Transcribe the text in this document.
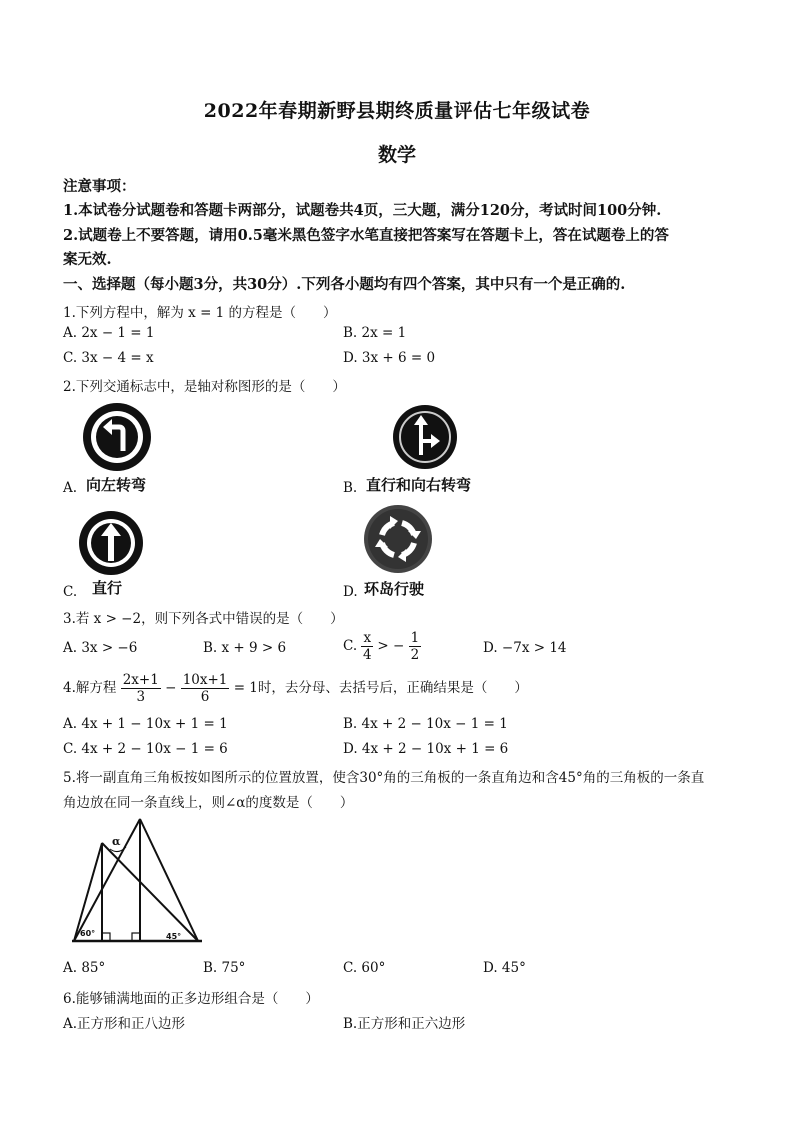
2022年春期新野县期终质量评估七年级试卷
数学
注意事项：
1.本试卷分试题卷和答题卡两部分，试题卷共4页，三大题，满分120分，考试时间100分钟.
2.试题卷上不要答题，请用0.5毫米黑色签字水笔直接把答案写在答题卡上，答在试题卷上的答
案无效.
一、选择题（每小题3分，共30分）.下列各小题均有四个答案，其中只有一个是正确的.
1.下列方程中，解为 x = 1 的方程是（　　）
A. 2x − 1 = 1	B. 2x = 1
C. 3x − 4 = x	D. 3x + 6 = 0
2.下列交通标志中，是轴对称图形的是（　　）
A. 向左转弯	B. 直行和向右转弯
C. 直行	D. 环岛行驶
3.若 x > −2，则下列各式中错误的是（　　）
A. 3x > −6	B. x + 9 > 6	C. $\frac{x}{4}$ > − $\frac{1}{2}$	D. −7x > 14
4.解方程 $\frac{2x+1}{3} - \frac{10x+1}{6} = 1$时，去分母、去括号后，正确结果是（　　）
A. 4x + 1 − 10x + 1 = 1	B. 4x + 2 − 10x − 1 = 1
C. 4x + 2 − 10x − 1 = 6	D. 4x + 2 − 10x + 1 = 6
5.将一副直角三角板按如图所示的位置放置，使含30°角的三角板的一条直角边和含45°角的三角板的一条直
角边放在同一条直线上，则∠α的度数是（　　）
α
60°	45°
A. 85°	B. 75°	C. 60°	D. 45°
6.能够铺满地面的正多边形组合是（　　）
A.正方形和正八边形	B.正方形和正六边形
